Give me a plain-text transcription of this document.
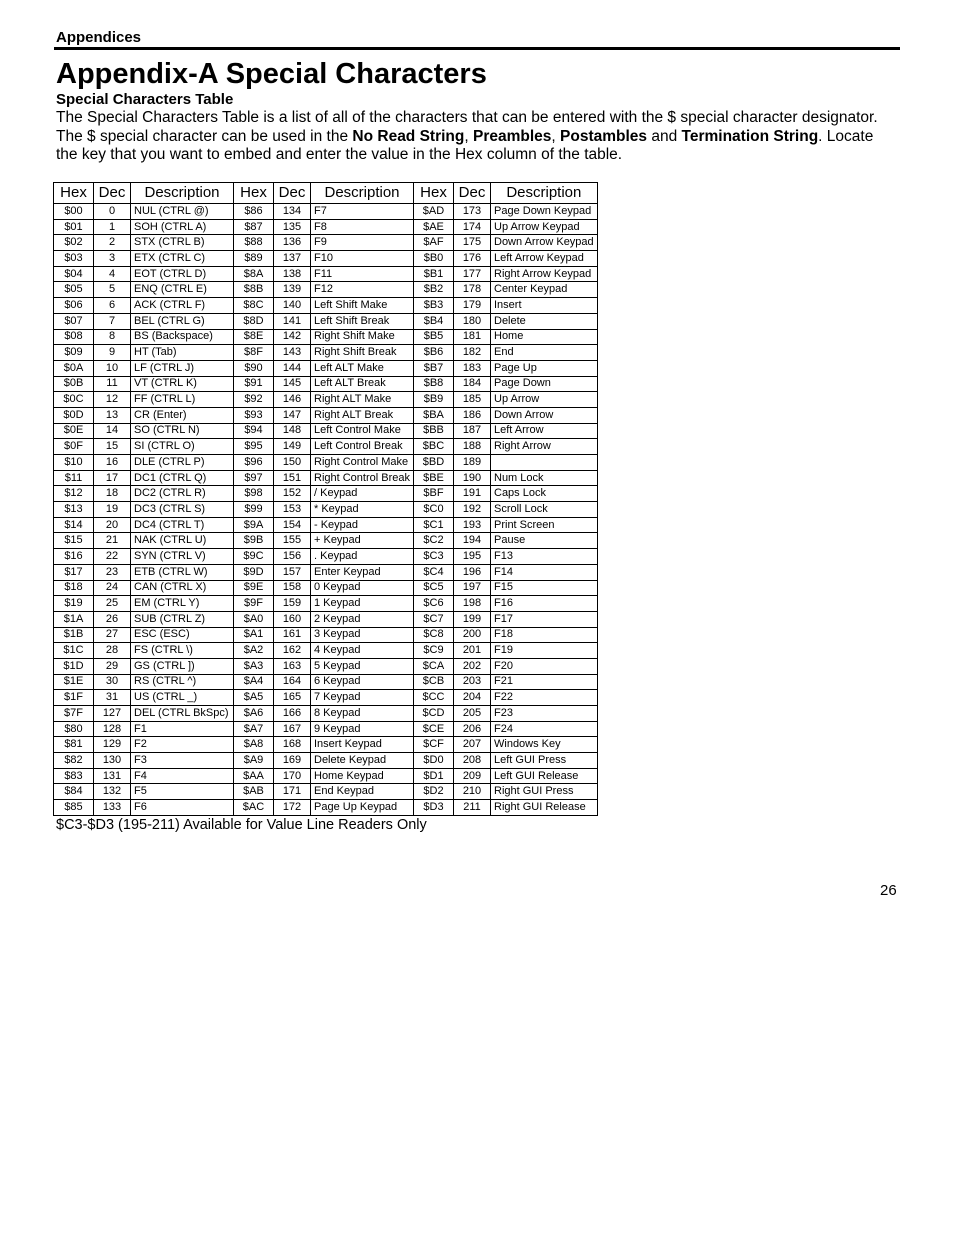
Appendices
Appendix-A Special Characters
Special Characters Table
The Special Characters Table is a list of all of the characters that can be entered with the $ special character designator. The $ special character can be used in the No Read String, Preambles, Postambles and Termination String. Locate the key that you want to embed and enter the value in the Hex column of the table.
Hex	Dec	Description	Hex	Dec	Description	Hex	Dec	Description
$00	0	NUL (CTRL @)	$86	134	F7	$AD	173	Page Down Keypad
$01	1	SOH (CTRL A)	$87	135	F8	$AE	174	Up Arrow Keypad
$02	2	STX (CTRL B)	$88	136	F9	$AF	175	Down Arrow Keypad
$03	3	ETX (CTRL C)	$89	137	F10	$B0	176	Left Arrow Keypad
$04	4	EOT (CTRL D)	$8A	138	F11	$B1	177	Right Arrow Keypad
$05	5	ENQ (CTRL E)	$8B	139	F12	$B2	178	Center Keypad
$06	6	ACK (CTRL F)	$8C	140	Left Shift Make	$B3	179	Insert
$07	7	BEL (CTRL G)	$8D	141	Left Shift Break	$B4	180	Delete
$08	8	BS (Backspace)	$8E	142	Right Shift Make	$B5	181	Home
$09	9	HT (Tab)	$8F	143	Right Shift Break	$B6	182	End
$0A	10	LF (CTRL J)	$90	144	Left ALT Make	$B7	183	Page Up
$0B	11	VT (CTRL K)	$91	145	Left ALT Break	$B8	184	Page Down
$0C	12	FF (CTRL L)	$92	146	Right ALT Make	$B9	185	Up Arrow
$0D	13	CR (Enter)	$93	147	Right ALT Break	$BA	186	Down Arrow
$0E	14	SO (CTRL N)	$94	148	Left Control Make	$BB	187	Left Arrow
$0F	15	SI (CTRL O)	$95	149	Left Control Break	$BC	188	Right Arrow
$10	16	DLE (CTRL P)	$96	150	Right Control Make	$BD	189	
$11	17	DC1 (CTRL Q)	$97	151	Right Control Break	$BE	190	Num Lock
$12	18	DC2 (CTRL R)	$98	152	/ Keypad	$BF	191	Caps Lock
$13	19	DC3 (CTRL S)	$99	153	* Keypad	$C0	192	Scroll Lock
$14	20	DC4 (CTRL T)	$9A	154	- Keypad	$C1	193	Print Screen
$15	21	NAK (CTRL U)	$9B	155	+ Keypad	$C2	194	Pause
$16	22	SYN (CTRL V)	$9C	156	. Keypad	$C3	195	F13
$17	23	ETB (CTRL W)	$9D	157	Enter Keypad	$C4	196	F14
$18	24	CAN (CTRL X)	$9E	158	0 Keypad	$C5	197	F15
$19	25	EM (CTRL Y)	$9F	159	1 Keypad	$C6	198	F16
$1A	26	SUB (CTRL Z)	$A0	160	2 Keypad	$C7	199	F17
$1B	27	ESC (ESC)	$A1	161	3 Keypad	$C8	200	F18
$1C	28	FS (CTRL \)	$A2	162	4 Keypad	$C9	201	F19
$1D	29	GS (CTRL ])	$A3	163	5 Keypad	$CA	202	F20
$1E	30	RS (CTRL ^)	$A4	164	6 Keypad	$CB	203	F21
$1F	31	US (CTRL _)	$A5	165	7 Keypad	$CC	204	F22
$7F	127	DEL (CTRL BkSpc)	$A6	166	8 Keypad	$CD	205	F23
$80	128	F1	$A7	167	9 Keypad	$CE	206	F24
$81	129	F2	$A8	168	Insert Keypad	$CF	207	Windows Key
$82	130	F3	$A9	169	Delete Keypad	$D0	208	Left GUI Press
$83	131	F4	$AA	170	Home Keypad	$D1	209	Left GUI Release
$84	132	F5	$AB	171	End Keypad	$D2	210	Right GUI Press
$85	133	F6	$AC	172	Page Up Keypad	$D3	211	Right GUI Release
$C3-$D3 (195-211) Available for Value Line Readers Only
26
